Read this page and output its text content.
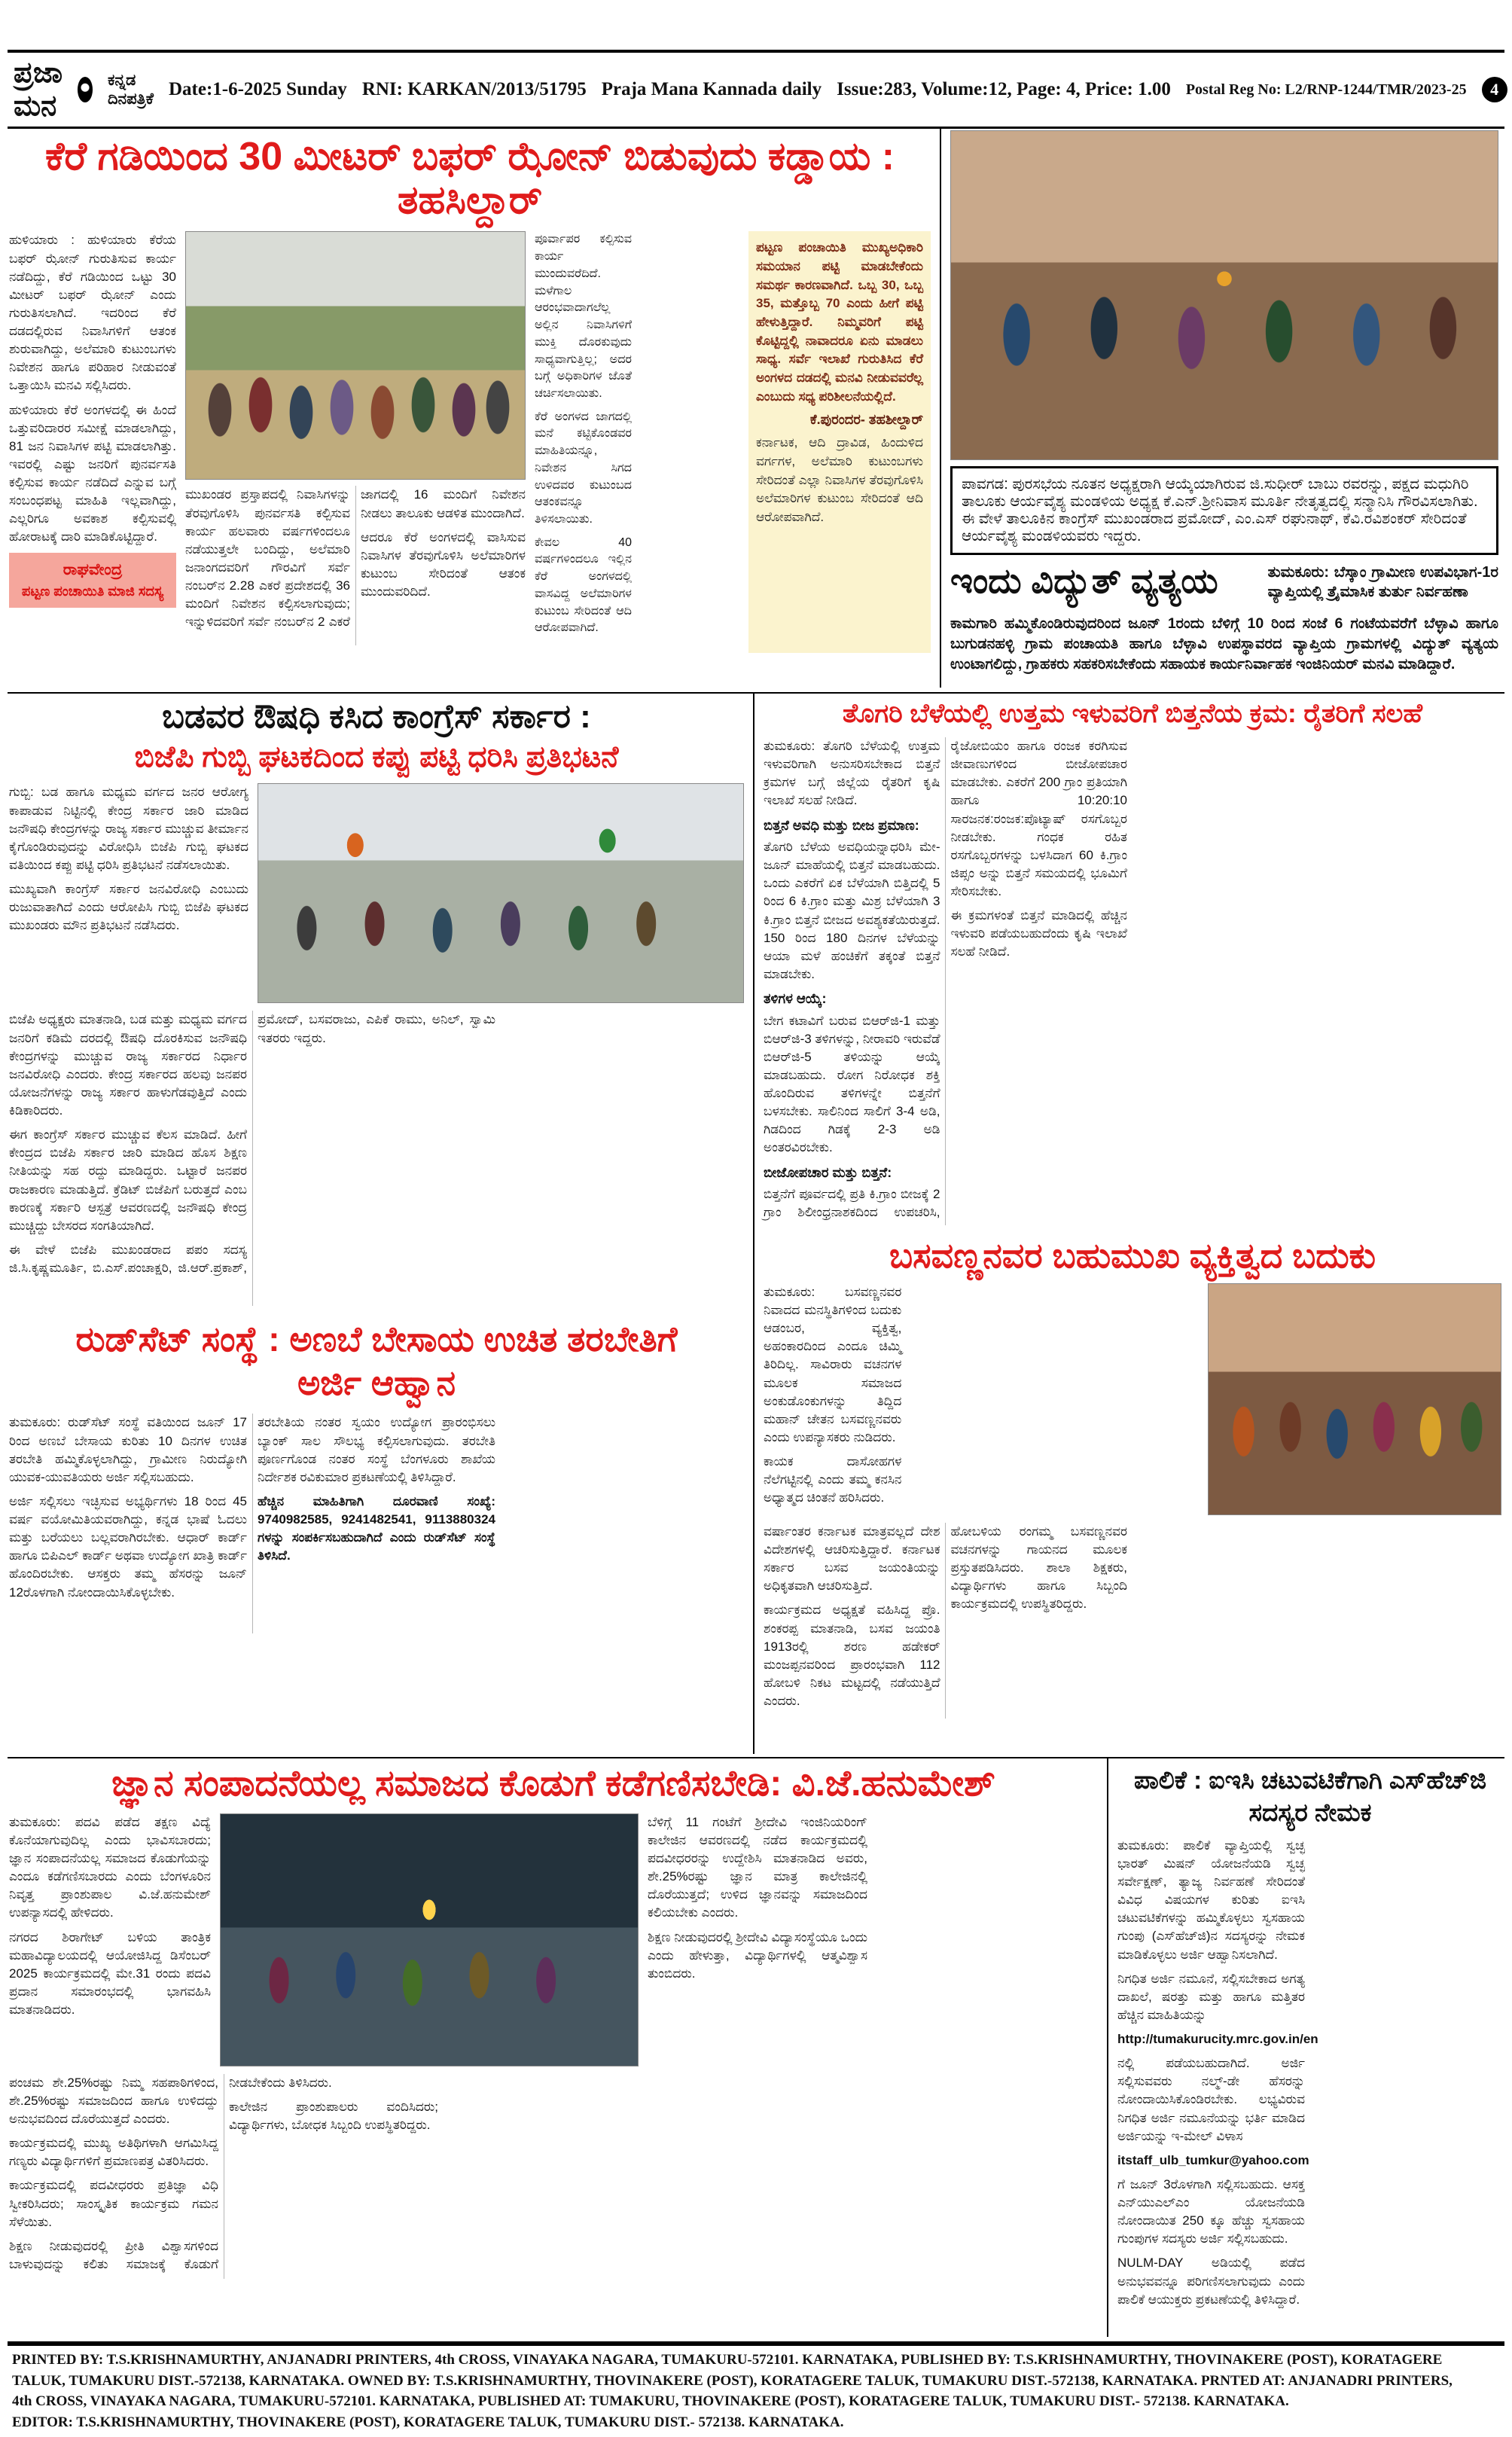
ಪ್ರಜಾ ಮನ
ಕನ್ನಡ ದಿನಪತ್ರಿಕೆ Date:1-6-2025 Sunday RNI: KARKAN/2013/51795 Praja Mana Kannada daily Issue:283, Volume:12, Page: 4, Price: 1.00 Postal Reg No: L2/RNP-1244/TMR/2023-25	4
ಕೆರೆ ಗಡಿಯಿಂದ 30 ಮೀಟರ್ ಬಫರ್ ಝೋನ್ ಬಿಡುವುದು ಕಡ್ಡಾಯ : ತಹಸಿಲ್ದಾರ್

ಹುಳಿಯಾರು : ಹುಳಿಯಾರು ಕೆರೆಯ ಬಫರ್ ಝೋನ್ ಗುರುತಿಸುವ ಕಾರ್ಯ ನಡೆದಿದ್ದು, ಕೆರೆ ಗಡಿಯಿಂದ ಒಟ್ಟು 30 ಮೀಟರ್ ಬಫರ್ ಝೋನ್ ಎಂದು ಗುರುತಿಸಲಾಗಿದೆ. ಇದರಿಂದ ಕೆರೆ ದಡದಲ್ಲಿರುವ ನಿವಾಸಿಗಳಿಗೆ ಆತಂಕ ಶುರುವಾಗಿದ್ದು, ಅಲೆಮಾರಿ ಕುಟುಂಬಗಳು ನಿವೇಶನ ಹಾಗೂ ಪರಿಹಾರ ನೀಡುವಂತೆ ಒತ್ತಾಯಿಸಿ ಮನವಿ ಸಲ್ಲಿಸಿದರು.

ಹುಳಿಯಾರು ಕೆರೆ ಅಂಗಳದಲ್ಲಿ ಈ ಹಿಂದೆ ಒತ್ತುವರಿದಾರರ ಸಮೀಕ್ಷೆ ಮಾಡಲಾಗಿದ್ದು, 81 ಜನ ನಿವಾಸಿಗಳ ಪಟ್ಟಿ ಮಾಡಲಾಗಿತ್ತು. ಇವರಲ್ಲಿ ಎಷ್ಟು ಜನರಿಗೆ ಪುನರ್ವಸತಿ ಕಲ್ಪಿಸುವ ಕಾರ್ಯ ನಡೆದಿದೆ ಎನ್ನುವ ಬಗ್ಗೆ ಸಂಬಂಧಪಟ್ಟ ಮಾಹಿತಿ ಇಲ್ಲವಾಗಿದ್ದು, ಎಲ್ಲರಿಗೂ ಅವಕಾಶ ಕಲ್ಪಿಸುವಲ್ಲಿ ಹೋರಾಟಕ್ಕೆ ದಾರಿ ಮಾಡಿಕೊಟ್ಟಿದ್ದಾರೆ.

ರಾಘವೇಂದ್ರ
ಪಟ್ಟಣ ಪಂಚಾಯಿತಿ ಮಾಜಿ ಸದಸ್ಯ

ಮುಖಂಡರ ಪ್ರಸ್ತಾಪದಲ್ಲಿ ನಿವಾಸಿಗಳನ್ನು ತೆರವುಗೊಳಿಸಿ ಪುನರ್ವಸತಿ ಕಲ್ಪಿಸುವ ಕಾರ್ಯ ಹಲವಾರು ವರ್ಷಗಳಿಂದಲೂ ನಡೆಯುತ್ತಲೇ ಬಂದಿದ್ದು, ಅಲೆಮಾರಿ ಜನಾಂಗದವರಿಗೆ ಗೌರವಿಗೆ ಸರ್ವೆ ನಂಬರ್‌ನ 2.28 ಎಕರೆ ಪ್ರದೇಶದಲ್ಲಿ 36 ಮಂದಿಗೆ ನಿವೇಶನ ಕಲ್ಪಿಸಲಾಗುವುದು; ಇನ್ನುಳಿದವರಿಗೆ ಸರ್ವೆ ನಂಬರ್‌ನ 2 ಎಕರೆ ಜಾಗದಲ್ಲಿ 16 ಮಂದಿಗೆ ನಿವೇಶನ ನೀಡಲು ತಾಲೂಕು ಆಡಳಿತ ಮುಂದಾಗಿದೆ.

ಆದರೂ ಕೆರೆ ಅಂಗಳದಲ್ಲಿ ವಾಸಿಸುವ ನಿವಾಸಿಗಳ ತೆರವುಗೊಳಿಸಿ ಅಲೆಮಾರಿಗಳ ಕುಟುಂಬ ಸೇರಿದಂತೆ ಆತಂಕ ಮುಂದುವರಿದಿದೆ.

ಪೂರ್ವಾಪರ ಕಲ್ಪಿಸುವ ಕಾರ್ಯ ಮುಂದುವರೆದಿದೆ. ಮಳೆಗಾಲ ಆರಂಭವಾದಾಗಲೆಲ್ಲ ಅಲ್ಲಿನ ನಿವಾಸಿಗಳಿಗೆ ಮುಕ್ತಿ ದೊರಕುವುದು ಸಾಧ್ಯವಾಗುತ್ತಿಲ್ಲ; ಅದರ ಬಗ್ಗೆ ಅಧಿಕಾರಿಗಳ ಜೊತೆ ಚರ್ಚಿಸಲಾಯಿತು.

ಕೆರೆ ಅಂಗಳದ ಜಾಗದಲ್ಲಿ ಮನೆ ಕಟ್ಟಿಕೊಂಡವರ ಮಾಹಿತಿಯನ್ನೂ, ನಿವೇಶನ ಸಿಗದ ಉಳಿದವರ ಕುಟುಂಬದ ಆತಂಕವನ್ನೂ ತಿಳಿಸಲಾಯಿತು.

ಕೇವಲ 40 ವರ್ಷಗಳಿಂದಲೂ ಇಲ್ಲಿನ ಕೆರೆ ಅಂಗಳದಲ್ಲಿ ವಾಸವಿದ್ದ ಅಲೆಮಾರಿಗಳ ಕುಟುಂಬ ಸೇರಿದಂತೆ ಆದಿ ಆರೋಪವಾಗಿದೆ.

ಪಟ್ಟಣ ಪಂಚಾಯಿತಿ ಮುಖ್ಯಅಧಿಕಾರಿ ಸಮಯಾನ ಪಟ್ಟಿ ಮಾಡಬೇಕೆಂದು ಸಮರ್ಥ ಕಾರಣವಾಗಿದೆ. ಒಬ್ಬ 30, ಒಬ್ಬ 35, ಮತ್ತೊಬ್ಬ 70 ಎಂದು ಹೀಗೆ ಪಟ್ಟಿ ಹೇಳುತ್ತಿದ್ದಾರೆ. ನಿಮ್ಮವರಿಗೆ ಪಟ್ಟಿ ಕೊಟ್ಟಿದ್ದಲ್ಲಿ ನಾವಾದರೂ ಏನು ಮಾಡಲು ಸಾಧ್ಯ. ಸರ್ವೆ ಇಲಾಖೆ ಗುರುತಿಸಿದ ಕೆರೆ ಅಂಗಳದ ದಡದಲ್ಲಿ ಮನವಿ ನೀಡುವವರೆಲ್ಲ ಎಂಬುದು ಸಧ್ಯ ಪರಿಶೀಲನೆಯಲ್ಲಿದೆ.

ಕೆ.ಪುರಂದರ- ತಹಶೀಲ್ದಾರ್

ಕರ್ನಾಟಕ, ಆದಿ ದ್ರಾವಿಡ, ಹಿಂದುಳಿದ ವರ್ಗಗಳ, ಅಲೆಮಾರಿ ಕುಟುಂಬಗಳು ಸೇರಿದಂತೆ ಎಲ್ಲಾ ನಿವಾಸಿಗಳ ತೆರವುಗೊಳಿಸಿ ಅಲೆಮಾರಿಗಳ ಕುಟುಂಬ ಸೇರಿದಂತೆ ಆದಿ ಆರೋಪವಾಗಿದೆ.

ಪಾವಗಡ: ಪುರಸಭೆಯ ನೂತನ ಅಧ್ಯಕ್ಷರಾಗಿ ಆಯ್ಕೆಯಾಗಿರುವ ಜಿ.ಸುಧೀರ್ ಬಾಬು ರವರನ್ನು, ಪಕ್ಷದ ಮಧುಗಿರಿ ತಾಲೂಕು ಆರ್ಯವೈಶ್ಯ ಮಂಡಳಿಯ ಅಧ್ಯಕ್ಷ ಕೆ.ಎನ್.ಶ್ರೀನಿವಾಸ ಮೂರ್ತಿ ನೇತೃತ್ವದಲ್ಲಿ ಸನ್ಮಾನಿಸಿ ಗೌರವಿಸಲಾಗಿತು. ಈ ವೇಳೆ ತಾಲೂಕಿನ ಕಾಂಗ್ರೆಸ್ ಮುಖಂಡರಾದ ಪ್ರಮೋದ್, ಎಂ.ಎಸ್ ರಘುನಾಥ್, ಕೆವಿ.ರವಿಶಂಕರ್ ಸೇರಿದಂತೆ ಆರ್ಯವೈಶ್ಯ ಮಂಡಳಿಯವರು ಇದ್ದರು.
ಇಂದು ವಿದ್ಯುತ್ ವ್ಯತ್ಯಯ	ತುಮಕೂರು: ಬೆಸ್ಕಾಂ ಗ್ರಾಮೀಣ ಉಪವಿಭಾಗ-1ರ ವ್ಯಾಪ್ತಿಯಲ್ಲಿ ತ್ರೈಮಾಸಿಕ ತುರ್ತು ನಿರ್ವಹಣಾ

ಕಾಮಗಾರಿ ಹಮ್ಮಿಕೊಂಡಿರುವುದರಿಂದ ಜೂನ್ 1ರಂದು ಬೆಳಿಗ್ಗೆ 10 ರಿಂದ ಸಂಜೆ 6 ಗಂಟೆಯವರೆಗೆ ಬೆಳ್ಳಾವಿ ಹಾಗೂ ಬುಗುಡನಹಳ್ಳಿ ಗ್ರಾಮ ಪಂಚಾಯತಿ ಹಾಗೂ ಬೆಳ್ಳಾವಿ ಉಪಸ್ಥಾವರದ ವ್ಯಾಪ್ತಿಯ ಗ್ರಾಮಗಳಲ್ಲಿ ವಿದ್ಯುತ್ ವ್ಯತ್ಯಯ ಉಂಟಾಗಲಿದ್ದು, ಗ್ರಾಹಕರು ಸಹಕರಿಸಬೇಕೆಂದು ಸಹಾಯಕ ಕಾರ್ಯನಿರ್ವಾಹಕ ಇಂಜಿನಿಯರ್ ಮನವಿ ಮಾಡಿದ್ದಾರೆ.

ಬಡವರ ಔಷಧಿ ಕಸಿದ ಕಾಂಗ್ರೆಸ್ ಸರ್ಕಾರ :
ಬಿಜೆಪಿ ಗುಬ್ಬಿ ಘಟಕದಿಂದ ಕಪ್ಪು ಪಟ್ಟಿ ಧರಿಸಿ ಪ್ರತಿಭಟನೆ

ಗುಬ್ಬಿ: ಬಡ ಹಾಗೂ ಮಧ್ಯಮ ವರ್ಗದ ಜನರ ಆರೋಗ್ಯ ಕಾಪಾಡುವ ನಿಟ್ಟಿನಲ್ಲಿ ಕೇಂದ್ರ ಸರ್ಕಾರ ಜಾರಿ ಮಾಡಿದ ಜನೌಷಧಿ ಕೇಂದ್ರಗಳನ್ನು ರಾಜ್ಯ ಸರ್ಕಾರ ಮುಚ್ಚುವ ತೀರ್ಮಾನ ಕೈಗೊಂಡಿರುವುದನ್ನು ವಿರೋಧಿಸಿ ಬಿಜೆಪಿ ಗುಬ್ಬಿ ಘಟಕದ ವತಿಯಿಂದ ಕಪ್ಪು ಪಟ್ಟಿ ಧರಿಸಿ ಪ್ರತಿಭಟನೆ ನಡೆಸಲಾಯಿತು.

ಮುಖ್ಯವಾಗಿ ಕಾಂಗ್ರೆಸ್ ಸರ್ಕಾರ ಜನವಿರೋಧಿ ಎಂಬುದು ರುಜುವಾತಾಗಿದೆ ಎಂದು ಆರೋಪಿಸಿ ಗುಬ್ಬಿ ಬಿಜೆಪಿ ಘಟಕದ ಮುಖಂಡರು ಮೌನ ಪ್ರತಿಭಟನೆ ನಡೆಸಿದರು.

ಬಿಜೆಪಿ ಅಧ್ಯಕ್ಷರು ಮಾತನಾಡಿ, ಬಡ ಮತ್ತು ಮಧ್ಯಮ ವರ್ಗದ ಜನರಿಗೆ ಕಡಿಮೆ ದರದಲ್ಲಿ ಔಷಧಿ ದೊರಕಿಸುವ ಜನೌಷಧಿ ಕೇಂದ್ರಗಳನ್ನು ಮುಚ್ಚುವ ರಾಜ್ಯ ಸರ್ಕಾರದ ನಿರ್ಧಾರ ಜನವಿರೋಧಿ ಎಂದರು. ಕೇಂದ್ರ ಸರ್ಕಾರದ ಹಲವು ಜನಪರ ಯೋಜನೆಗಳನ್ನು ರಾಜ್ಯ ಸರ್ಕಾರ ಹಾಳುಗೆಡವುತ್ತಿದೆ ಎಂದು ಕಿಡಿಕಾರಿದರು.

ಈಗ ಕಾಂಗ್ರೆಸ್ ಸರ್ಕಾರ ಮುಚ್ಚುವ ಕೆಲಸ ಮಾಡಿದೆ. ಹೀಗೆ ಕೇಂದ್ರದ ಬಿಜೆಪಿ ಸರ್ಕಾರ ಜಾರಿ ಮಾಡಿದ ಹೊಸ ಶಿಕ್ಷಣ ನೀತಿಯನ್ನು ಸಹ ರದ್ದು ಮಾಡಿದ್ದರು. ಒಟ್ಟಾರೆ ಜನಪರ ರಾಜಕಾರಣ ಮಾಡುತ್ತಿದೆ. ಕ್ರೆಡಿಟ್ ಬಿಜೆಪಿಗೆ ಬರುತ್ತದೆ ಎಂಬ ಕಾರಣಕ್ಕೆ ಸರ್ಕಾರಿ ಆಸ್ಪತ್ರೆ ಆವರಣದಲ್ಲಿ ಜನೌಷಧಿ ಕೇಂದ್ರ ಮುಚ್ಚಿದ್ದು ಬೇಸರದ ಸಂಗತಿಯಾಗಿದೆ.

ಈ ವೇಳೆ ಬಿಜೆಪಿ ಮುಖಂಡರಾದ ಪಪಂ ಸದಸ್ಯ ಜಿ.ಸಿ.ಕೃಷ್ಣಮೂರ್ತಿ, ಬಿ.ಎಸ್.ಪಂಚಾಕ್ಷರಿ, ಜಿ.ಆರ್.ಪ್ರಕಾಶ್, ಪ್ರಮೋದ್, ಬಸವರಾಜು, ಎಪಿಕೆ ರಾಮು, ಅನಿಲ್, ಸ್ವಾಮಿ ಇತರರು ಇದ್ದರು.

ರುಡ್‌ಸೆಟ್ ಸಂಸ್ಥೆ : ಅಣಬೆ ಬೇಸಾಯ ಉಚಿತ ತರಬೇತಿಗೆ ಅರ್ಜಿ ಆಹ್ವಾನ

ತುಮಕೂರು: ರುಡ್‌ಸೆಟ್ ಸಂಸ್ಥೆ ವತಿಯಿಂದ ಜೂನ್ 17 ರಿಂದ ಅಣಬೆ ಬೇಸಾಯ ಕುರಿತು 10 ದಿನಗಳ ಉಚಿತ ತರಬೇತಿ ಹಮ್ಮಿಕೊಳ್ಳಲಾಗಿದ್ದು, ಗ್ರಾಮೀಣ ನಿರುದ್ಯೋಗಿ ಯುವಕ-ಯುವತಿಯರು ಅರ್ಜಿ ಸಲ್ಲಿಸಬಹುದು.

ಅರ್ಜಿ ಸಲ್ಲಿಸಲು ಇಚ್ಛಿಸುವ ಅಭ್ಯರ್ಥಿಗಳು 18 ರಿಂದ 45 ವರ್ಷ ವಯೋಮಿತಿಯವರಾಗಿದ್ದು, ಕನ್ನಡ ಭಾಷೆ ಓದಲು ಮತ್ತು ಬರೆಯಲು ಬಲ್ಲವರಾಗಿರಬೇಕು. ಆಧಾರ್ ಕಾರ್ಡ್ ಹಾಗೂ ಬಿಪಿಎಲ್ ಕಾರ್ಡ್ ಅಥವಾ ಉದ್ಯೋಗ ಖಾತ್ರಿ ಕಾರ್ಡ್ ಹೊಂದಿರಬೇಕು. ಆಸಕ್ತರು ತಮ್ಮ ಹೆಸರನ್ನು ಜೂನ್ 12ರೊಳಗಾಗಿ ನೋಂದಾಯಿಸಿಕೊಳ್ಳಬೇಕು.

ತರಬೇತಿಯ ನಂತರ ಸ್ವಯಂ ಉದ್ಯೋಗ ಪ್ರಾರಂಭಿಸಲು ಬ್ಯಾಂಕ್ ಸಾಲ ಸೌಲಭ್ಯ ಕಲ್ಪಿಸಲಾಗುವುದು. ತರಬೇತಿ ಪೂರ್ಣಗೊಂಡ ನಂತರ ಸಂಸ್ಥೆ ಬೆಂಗಳೂರು ಶಾಖೆಯ ನಿರ್ದೇಶಕ ರವಿಕುಮಾರ ಪ್ರಕಟಣೆಯಲ್ಲಿ ತಿಳಿಸಿದ್ದಾರೆ.

ಹೆಚ್ಚಿನ ಮಾಹಿತಿಗಾಗಿ ದೂರವಾಣಿ ಸಂಖ್ಯೆ: 9740982585, 9241482541, 9113880324 ಗಳನ್ನು ಸಂಪರ್ಕಿಸಬಹುದಾಗಿದೆ ಎಂದು ರುಡ್‌ಸೆಟ್ ಸಂಸ್ಥೆ ತಿಳಿಸಿದೆ.

ತೊಗರಿ ಬೆಳೆಯಲ್ಲಿ ಉತ್ತಮ ಇಳುವರಿಗೆ ಬಿತ್ತನೆಯ ಕ್ರಮ: ರೈತರಿಗೆ ಸಲಹೆ

ತುಮಕೂರು: ತೊಗರಿ ಬೆಳೆಯಲ್ಲಿ ಉತ್ತಮ ಇಳುವರಿಗಾಗಿ ಅನುಸರಿಸಬೇಕಾದ ಬಿತ್ತನೆ ಕ್ರಮಗಳ ಬಗ್ಗೆ ಜಿಲ್ಲೆಯ ರೈತರಿಗೆ ಕೃಷಿ ಇಲಾಖೆ ಸಲಹೆ ನೀಡಿದೆ.

ಬಿತ್ತನೆ ಅವಧಿ ಮತ್ತು ಬೀಜ ಪ್ರಮಾಣ:

ತೊಗರಿ ಬೆಳೆಯ ಅವಧಿಯನ್ನಾಧರಿಸಿ ಮೇ-ಜೂನ್ ಮಾಹೆಯಲ್ಲಿ ಬಿತ್ತನೆ ಮಾಡಬಹುದು. ಒಂದು ಎಕರೆಗೆ ಏಕ ಬೆಳೆಯಾಗಿ ಬಿತ್ತಿದಲ್ಲಿ 5 ರಿಂದ 6 ಕಿ.ಗ್ರಾಂ ಮತ್ತು ಮಿಶ್ರ ಬೆಳೆಯಾಗಿ 3 ಕಿ.ಗ್ರಾಂ ಬಿತ್ತನೆ ಬೀಜದ ಅವಶ್ಯಕತೆಯಿರುತ್ತದೆ. 150 ರಿಂದ 180 ದಿನಗಳ ಬೆಳೆಯನ್ನು ಆಯಾ ಮಳೆ ಹಂಚಿಕೆಗೆ ತಕ್ಕಂತೆ ಬಿತ್ತನೆ ಮಾಡಬೇಕು.

ತಳಿಗಳ ಆಯ್ಕೆ:

ಬೇಗ ಕಟಾವಿಗೆ ಬರುವ ಬಿಆರ್‌ಜಿ-1 ಮತ್ತು ಬಿಆರ್‌ಜಿ-3 ತಳಿಗಳನ್ನು, ನೀರಾವರಿ ಇರುವೆಡೆ ಬಿಆರ್‌ಜಿ-5 ತಳಿಯನ್ನು ಆಯ್ಕೆ ಮಾಡಬಹುದು. ರೋಗ ನಿರೋಧಕ ಶಕ್ತಿ ಹೊಂದಿರುವ ತಳಿಗಳನ್ನೇ ಬಿತ್ತನೆಗೆ ಬಳಸಬೇಕು. ಸಾಲಿನಿಂದ ಸಾಲಿಗೆ 3-4 ಅಡಿ, ಗಿಡದಿಂದ ಗಿಡಕ್ಕೆ 2-3 ಅಡಿ ಅಂತರವಿರಬೇಕು.

ಬೀಜೋಪಚಾರ ಮತ್ತು ಬಿತ್ತನೆ:

ಬಿತ್ತನೆಗೆ ಪೂರ್ವದಲ್ಲಿ ಪ್ರತಿ ಕಿ.ಗ್ರಾಂ ಬೀಜಕ್ಕೆ 2 ಗ್ರಾಂ ಶಿಲೀಂಧ್ರನಾಶಕದಿಂದ ಉಪಚರಿಸಿ, ರೈಜೋಬಿಯಂ ಹಾಗೂ ರಂಜಕ ಕರಗಿಸುವ ಜೀವಾಣುಗಳಿಂದ ಬೀಜೋಪಚಾರ ಮಾಡಬೇಕು. ಎಕರೆಗೆ 200 ಗ್ರಾಂ ಪ್ರತಿಯಾಗಿ ಹಾಗೂ 10:20:10 ಸಾರಜನಕ:ರಂಜಕ:ಪೊಟ್ಯಾಷ್ ರಸಗೊಬ್ಬರ ನೀಡಬೇಕು. ಗಂಧಕ ರಹಿತ ರಸಗೊಬ್ಬರಗಳನ್ನು ಬಳಸಿದಾಗ 60 ಕಿ.ಗ್ರಾಂ ಜಿಪ್ಸಂ ಅನ್ನು ಬಿತ್ತನೆ ಸಮಯದಲ್ಲಿ ಭೂಮಿಗೆ ಸೇರಿಸಬೇಕು.

ಈ ಕ್ರಮಗಳಂತೆ ಬಿತ್ತನೆ ಮಾಡಿದಲ್ಲಿ ಹೆಚ್ಚಿನ ಇಳುವರಿ ಪಡೆಯಬಹುದೆಂದು ಕೃಷಿ ಇಲಾಖೆ ಸಲಹೆ ನೀಡಿದೆ.

ಬಸವಣ್ಣನವರ ಬಹುಮುಖ ವ್ಯಕ್ತಿತ್ವದ ಬದುಕು

ತುಮಕೂರು: ಬಸವಣ್ಣನವರ ನಿವಾದದ ಮನಸ್ಥಿತಿಗಳಿಂದ ಬದುಕು ಆಡಂಬರ, ವ್ಯಕ್ತಿತ್ವ, ಅಹಂಕಾರದಿಂದ ಎಂದೂ ಚಿಮ್ಮಿ ತಿರಿದಿಲ್ಲ. ಸಾವಿರಾರು ವಚನಗಳ ಮೂಲಕ ಸಮಾಜದ ಅಂಕುಡೊಂಕುಗಳನ್ನು ತಿದ್ದಿದ ಮಹಾನ್ ಚೇತನ ಬಸವಣ್ಣನವರು ಎಂದು ಉಪನ್ಯಾಸಕರು ನುಡಿದರು.

ಕಾಯಕ ದಾಸೋಹಗಳ ನೆಲೆಗಟ್ಟಿನಲ್ಲಿ ಎಂದು ತಮ್ಮ ಕನಸಿನ ಅಧ್ಯಾತ್ಮದ ಚಿಂತನೆ ಹರಿಸಿದರು.

ವರ್ಷಾಂತರ ಕರ್ನಾಟಕ ಮಾತ್ರವಲ್ಲದೆ ದೇಶ ವಿದೇಶಗಳಲ್ಲಿ ಆಚರಿಸುತ್ತಿದ್ದಾರೆ. ಕರ್ನಾಟಕ ಸರ್ಕಾರ ಬಸವ ಜಯಂತಿಯನ್ನು ಅಧಿಕೃತವಾಗಿ ಆಚರಿಸುತ್ತಿದೆ.

ಕಾರ್ಯಕ್ರಮದ ಅಧ್ಯಕ್ಷತೆ ವಹಿಸಿದ್ದ ಪ್ರೊ. ಶಂಕರಪ್ಪ ಮಾತನಾಡಿ, ಬಸವ ಜಯಂತಿ 1913ರಲ್ಲಿ ಶರಣ ಹಡೇಕರ್ ಮಂಜಪ್ಪನವರಿಂದ ಪ್ರಾರಂಭವಾಗಿ 112 ಹೋಬಳಿ ನಿಕಟ ಮಟ್ಟದಲ್ಲಿ ನಡೆಯುತ್ತಿದೆ ಎಂದರು.

ಹೋಬಳಿಯ ರಂಗಮ್ಮ ಬಸವಣ್ಣನವರ ವಚನಗಳನ್ನು ಗಾಯನದ ಮೂಲಕ ಪ್ರಸ್ತುತಪಡಿಸಿದರು. ಶಾಲಾ ಶಿಕ್ಷಕರು, ವಿದ್ಯಾರ್ಥಿಗಳು ಹಾಗೂ ಸಿಬ್ಬಂದಿ ಕಾರ್ಯಕ್ರಮದಲ್ಲಿ ಉಪಸ್ಥಿತರಿದ್ದರು.

ಜ್ಞಾನ ಸಂಪಾದನೆಯಲ್ಲ ಸಮಾಜದ ಕೊಡುಗೆ ಕಡೆಗಣಿಸಬೇಡಿ: ವಿ.ಜೆ.ಹನುಮೇಶ್

ತುಮಕೂರು: ಪದವಿ ಪಡೆದ ತಕ್ಷಣ ವಿದ್ಯೆ ಕೊನೆಯಾಗುವುದಿಲ್ಲ ಎಂದು ಭಾವಿಸಬಾರದು; ಜ್ಞಾನ ಸಂಪಾದನೆಯಲ್ಲ ಸಮಾಜದ ಕೊಡುಗೆಯನ್ನು ಎಂದೂ ಕಡೆಗಣಿಸಬಾರದು ಎಂದು ಬೆಂಗಳೂರಿನ ನಿವೃತ್ತ ಪ್ರಾಂಶುಪಾಲ ವಿ.ಜೆ.ಹನುಮೇಶ್ ಉಪನ್ಯಾಸದಲ್ಲಿ ಹೇಳಿದರು.

ನಗರದ ಶಿರಾಗೇಟ್ ಬಳಿಯ ತಾಂತ್ರಿಕ ಮಹಾವಿದ್ಯಾಲಯದಲ್ಲಿ ಆಯೋಜಿಸಿದ್ದ ಡಿಸೆಂಬರ್ 2025 ಕಾರ್ಯಕ್ರಮದಲ್ಲಿ ಮೇ.31 ರಂದು ಪದವಿ ಪ್ರದಾನ ಸಮಾರಂಭದಲ್ಲಿ ಭಾಗವಹಿಸಿ ಮಾತನಾಡಿದರು.

ಬೆಳಿಗ್ಗೆ 11 ಗಂಟೆಗೆ ಶ್ರೀದೇವಿ ಇಂಜಿನಿಯರಿಂಗ್ ಕಾಲೇಜಿನ ಆವರಣದಲ್ಲಿ ನಡೆದ ಕಾರ್ಯಕ್ರಮದಲ್ಲಿ ಪದವೀಧರರನ್ನು ಉದ್ದೇಶಿಸಿ ಮಾತನಾಡಿದ ಅವರು, ಶೇ.25%ರಷ್ಟು ಜ್ಞಾನ ಮಾತ್ರ ಕಾಲೇಜಿನಲ್ಲಿ ದೊರೆಯುತ್ತದೆ; ಉಳಿದ ಜ್ಞಾನವನ್ನು ಸಮಾಜದಿಂದ ಕಲಿಯಬೇಕು ಎಂದರು.

ಶಿಕ್ಷಣ ನೀಡುವುದರಲ್ಲಿ ಶ್ರೀದೇವಿ ವಿದ್ಯಾಸಂಸ್ಥೆಯೂ ಒಂದು ಎಂದು ಹೇಳುತ್ತಾ, ವಿದ್ಯಾರ್ಥಿಗಳಲ್ಲಿ ಆತ್ಮವಿಶ್ವಾಸ ತುಂಬಿದರು.

ಪಂಚಮ ಶೇ.25%ರಷ್ಟು ನಿಮ್ಮ ಸಹಪಾಠಿಗಳಿಂದ, ಶೇ.25%ರಷ್ಟು ಸಮಾಜದಿಂದ ಹಾಗೂ ಉಳಿದದ್ದು ಅನುಭವದಿಂದ ದೊರೆಯುತ್ತದೆ ಎಂದರು.

ಕಾರ್ಯಕ್ರಮದಲ್ಲಿ ಮುಖ್ಯ ಅತಿಥಿಗಳಾಗಿ ಆಗಮಿಸಿದ್ದ ಗಣ್ಯರು ವಿದ್ಯಾರ್ಥಿಗಳಿಗೆ ಪ್ರಮಾಣಪತ್ರ ವಿತರಿಸಿದರು.

ಕಾರ್ಯಕ್ರಮದಲ್ಲಿ ಪದವೀಧರರು ಪ್ರತಿಜ್ಞಾ ವಿಧಿ ಸ್ವೀಕರಿಸಿದರು; ಸಾಂಸ್ಕೃತಿಕ ಕಾರ್ಯಕ್ರಮ ಗಮನ ಸೆಳೆಯಿತು.

ಶಿಕ್ಷಣ ನೀಡುವುದರಲ್ಲಿ ಪ್ರೀತಿ ವಿಶ್ವಾಸಗಳಿಂದ ಬಾಳುವುದನ್ನು ಕಲಿತು ಸಮಾಜಕ್ಕೆ ಕೊಡುಗೆ ನೀಡಬೇಕೆಂದು ತಿಳಿಸಿದರು.

ಕಾಲೇಜಿನ ಪ್ರಾಂಶುಪಾಲರು ವಂದಿಸಿದರು; ವಿದ್ಯಾರ್ಥಿಗಳು, ಬೋಧಕ ಸಿಬ್ಬಂದಿ ಉಪಸ್ಥಿತರಿದ್ದರು.

ಪಾಲಿಕೆ : ಐಇಸಿ ಚಟುವಟಿಕೆಗಾಗಿ ಎಸ್‌ಹೆಚ್‌ಜಿ ಸದಸ್ಯರ ನೇಮಕ

ತುಮಕೂರು: ಪಾಲಿಕೆ ವ್ಯಾಪ್ತಿಯಲ್ಲಿ ಸ್ವಚ್ಛ ಭಾರತ್ ಮಿಷನ್ ಯೋಜನೆಯಡಿ ಸ್ವಚ್ಛ ಸರ್ವೇಕ್ಷಣ್, ತ್ಯಾಜ್ಯ ನಿರ್ವಹಣೆ ಸೇರಿದಂತೆ ವಿವಿಧ ವಿಷಯಗಳ ಕುರಿತು ಐಇಸಿ ಚಟುವಟಿಕೆಗಳನ್ನು ಹಮ್ಮಿಕೊಳ್ಳಲು ಸ್ವಸಹಾಯ ಗುಂಪು (ಎಸ್‌ಹೆಚ್‌ಜಿ)ನ ಸದಸ್ಯರನ್ನು ನೇಮಕ ಮಾಡಿಕೊಳ್ಳಲು ಅರ್ಜಿ ಆಹ್ವಾನಿಸಲಾಗಿದೆ.

ನಿಗಧಿತ ಅರ್ಜಿ ನಮೂನೆ, ಸಲ್ಲಿಸಬೇಕಾದ ಅಗತ್ಯ ದಾಖಲೆ, ಷರತ್ತು ಮತ್ತು ಹಾಗೂ ಮತ್ತಿತರ ಹೆಚ್ಚಿನ ಮಾಹಿತಿಯನ್ನು

http://tumakurucity.mrc.gov.in/en

ನಲ್ಲಿ ಪಡೆಯಬಹುದಾಗಿದೆ. ಅರ್ಜಿ ಸಲ್ಲಿಸುವವರು ನಲ್ಮ್-ಡೇ ಹೆಸರನ್ನು ನೋಂದಾಯಿಸಿಕೊಂಡಿರಬೇಕು. ಲಭ್ಯವಿರುವ ನಿಗಧಿತ ಅರ್ಜಿ ನಮೂನೆಯನ್ನು ಭರ್ತಿ ಮಾಡಿದ ಅರ್ಜಿಯನ್ನು ಇ-ಮೇಲ್ ವಿಳಾಸ

itstaff_ulb_tumkur@yahoo.com

ಗೆ ಜೂನ್ 3ರೊಳಗಾಗಿ ಸಲ್ಲಿಸಬಹುದು. ಆಸಕ್ತ ಎನ್‌ಯುಎಲ್‌ಎಂ ಯೋಜನೆಯಡಿ ನೋಂದಾಯಿತ 250 ಕ್ಕೂ ಹೆಚ್ಚು ಸ್ವಸಹಾಯ ಗುಂಪುಗಳ ಸದಸ್ಯರು ಅರ್ಜಿ ಸಲ್ಲಿಸಬಹುದು.

NULM-DAY ಅಡಿಯಲ್ಲಿ ಪಡೆದ ಅನುಭವವನ್ನೂ ಪರಿಗಣಿಸಲಾಗುವುದು ಎಂದು ಪಾಲಿಕೆ ಆಯುಕ್ತರು ಪ್ರಕಟಣೆಯಲ್ಲಿ ತಿಳಿಸಿದ್ದಾರೆ.

PRINTED BY: T.S.KRISHNAMURTHY, ANJANADRI PRINTERS, 4th CROSS, VINAYAKA NAGARA, TUMAKURU-572101. KARNATAKA, PUBLISHED BY: T.S.KRISHNAMURTHY, THOVINAKERE (POST), KORATAGERE

TALUK, TUMAKURU DIST.-572138, KARNATAKA. OWNED BY: T.S.KRISHNAMURTHY, THOVINAKERE (POST), KORATAGERE TALUK, TUMAKURU DIST.-572138, KARNATAKA. PRNTED AT: ANJANADRI PRINTERS,

4th CROSS, VINAYAKA NAGARA, TUMAKURU-572101. KARNATAKA, PUBLISHED AT: TUMAKURU, THOVINAKERE (POST), KORATAGERE TALUK, TUMAKURU DIST.- 572138. KARNATAKA.

EDITOR: T.S.KRISHNAMURTHY, THOVINAKERE (POST), KORATAGERE TALUK, TUMAKURU DIST.- 572138. KARNATAKA.
